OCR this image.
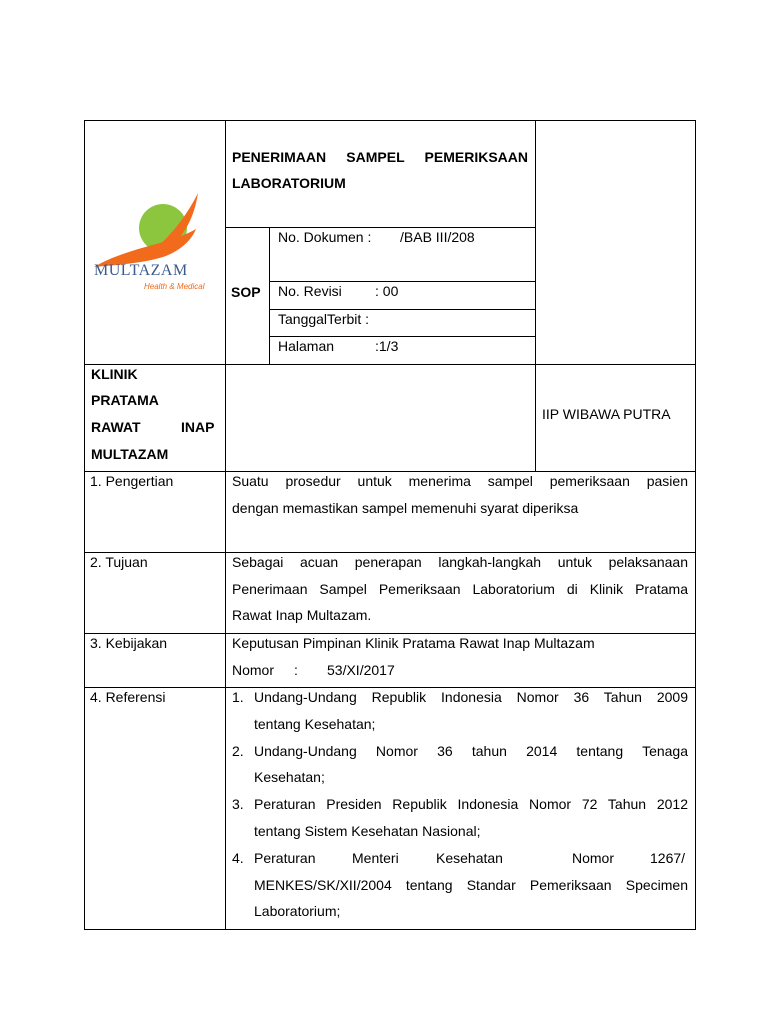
MULTAZAM
Health & Medical
PENERIMAAN SAMPEL PEMERIKSAAN
LABORATORIUM
SOP
No. Dokumen : /BAB III/208
No. Revisi : 00
TanggalTerbit :
Halaman	:1/3
KLINIK
PRATAMA
RAWAT	INAP
MULTAZAM
IIP WIBAWA PUTRA
1. Pengertian	Suatu prosedur untuk menerima sampel pemeriksaan pasien
dengan memastikan sampel memenuhi syarat diperiksa
2. Tujuan	Sebagai acuan penerapan langkah-langkah untuk pelaksanaan
Penerimaan Sampel Pemeriksaan Laboratorium di Klinik Pratama
Rawat Inap Multazam.
3. Kebijakan	Keputusan Pimpinan Klinik Pratama Rawat Inap Multazam
Nomor : 53/XI/2017
4. Referensi	1. Undang-Undang Republik Indonesia Nomor 36 Tahun 2009
tentang Kesehatan;
2. Undang-Undang Nomor 36 tahun 2014 tentang Tenaga
Kesehatan;
3. Peraturan Presiden Republik Indonesia Nomor 72 Tahun 2012
tentang Sistem Kesehatan Nasional;
4. Peraturan	Menteri	Kesehatan	Nomor	1267/
MENKES/SK/XII/2004 tentang Standar Pemeriksaan Specimen
Laboratorium;
